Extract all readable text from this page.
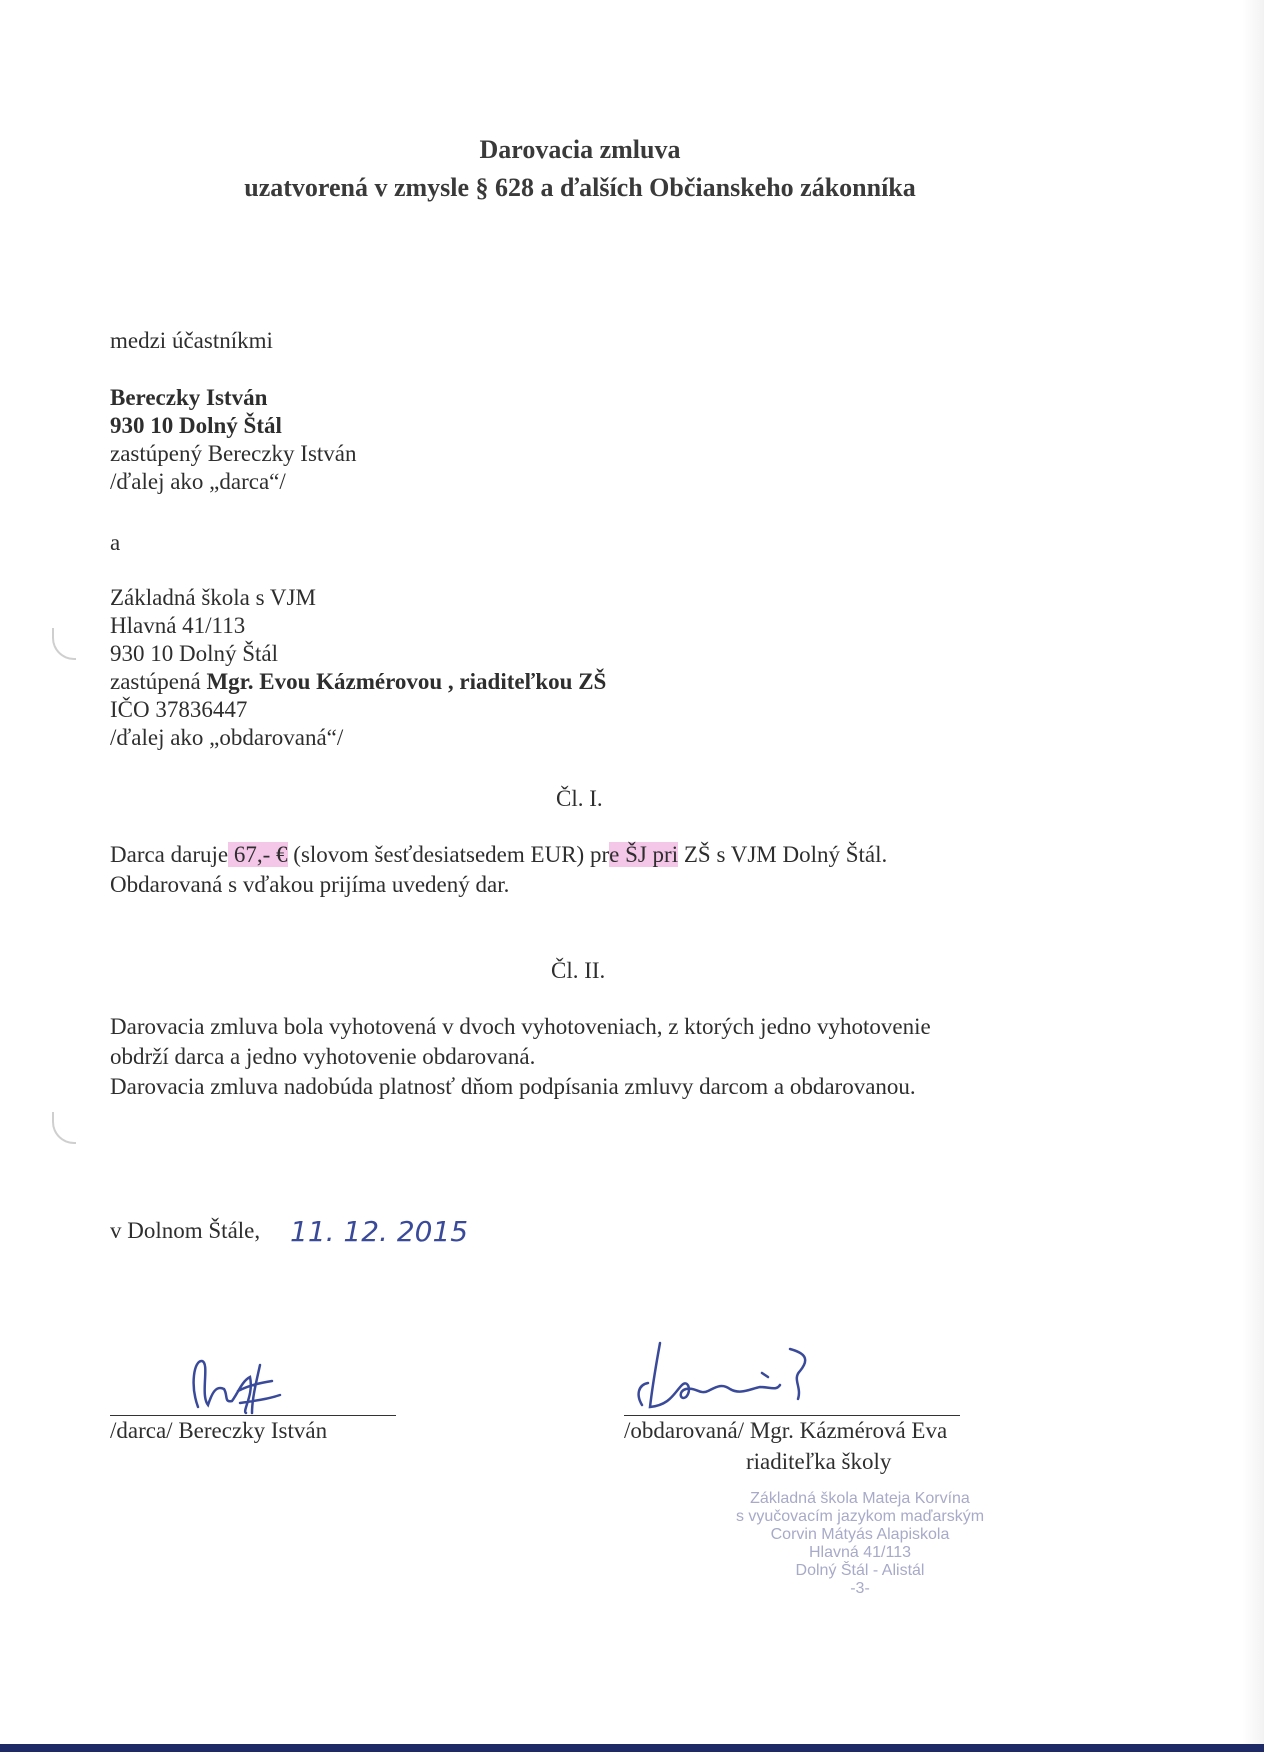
Darovacia zmluva
uzatvorená v zmysle § 628 a ďalších Občianskeho zákonníka
medzi účastníkmi
Bereczky István
930 10 Dolný Štál
zastúpený Bereczky István
/ďalej ako „darca“/
a
Základná škola s VJM
Hlavná 41/113
930 10 Dolný Štál
zastúpená Mgr. Evou Kázmérovou , riaditeľkou ZŠ
IČO 37836447
/ďalej ako „obdarovaná“/
Čl. I.
Darca daruje 67,- € (slovom šesťdesiatsedem EUR) pre ŠJ pri ZŠ s VJM Dolný Štál.
Obdarovaná s vďakou prijíma uvedený dar.
Čl. II.
Darovacia zmluva bola vyhotovená v dvoch vyhotoveniach, z ktorých jedno vyhotovenie
obdrží darca a jedno vyhotovenie obdarovaná.
Darovacia zmluva nadobúda platnosť dňom podpísania zmluvy darcom a obdarovanou.
v Dolnom Štále, 11. 12. 2015
/darca/ Bereczky István	/obdarovaná/ Mgr. Kázmérová Eva
riaditeľka školy
Základná škola Mateja Korvína
s vyučovacím jazykom maďarským
Corvin Mátyás Alapiskola
Hlavná 41/113
Dolný Štál - Alistál
-3-
